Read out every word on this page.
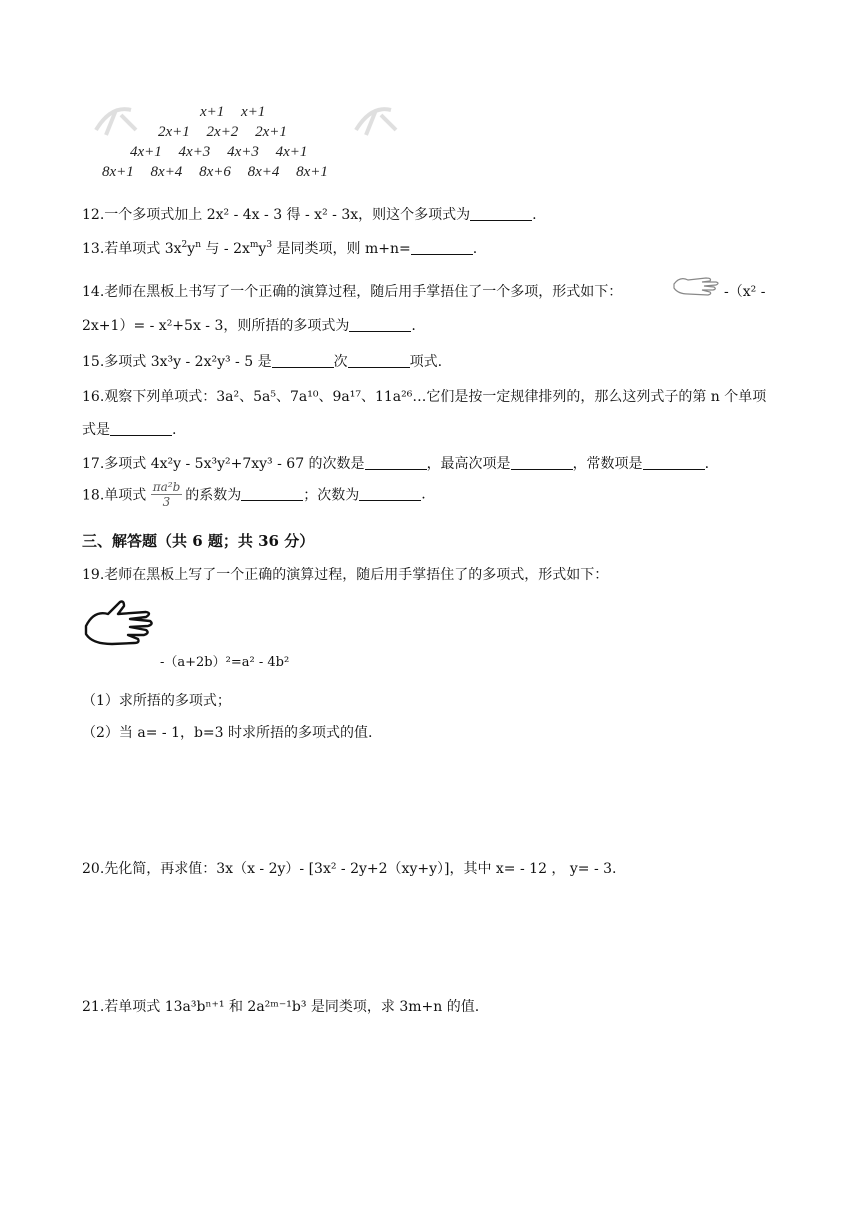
x+1 x+1
2x+1 2x+2 2x+1
4x+1 4x+3 4x+3 4x+1
8x+1 8x+4 8x+6 8x+4 8x+1
12.一个多项式加上 2x² - 4x - 3 得 - x² - 3x，则这个多项式为	.
13.若单项式 $3x^2y^n$ 与 - $2x^my^3$ 是同类项，则 m+n=	.
14.老师在黑板上书写了一个正确的演算过程，随后用手掌捂住了一个多项，形式如下：	-（x² -
2x+1）= - x²+5x - 3，则所捂的多项式为	.
15.多项式 3x³y - 2x²y³ - 5 是	次	项式.
16.观察下列单项式：3a²、5a⁵、7a¹⁰、9a¹⁷、11a²⁶…它们是按一定规律排列的，那么这列式子的第 n 个单项
式是	.
17.多项式 4x²y - 5x³y²+7xy³ - 67 的次数是	，最高次项是	，常数项是	.
18.单项式 $\frac{\text{πa²b}}{3}$ 的系数为	；次数为	.
三、解答题（共 6 题；共 36 分）
19.老师在黑板上写了一个正确的演算过程，随后用手掌捂住了的多项式，形式如下：
-（a+2b）²=a² - 4b²
（1）求所捂的多项式；
（2）当 a= - 1，b=3 时求所捂的多项式的值.
20.先化简，再求值：3x（x - 2y）- [3x² - 2y+2（xy+y）]，其中 x= - 12 ， y= - 3.
21.若单项式 13a³bⁿ⁺¹ 和 2a²ᵐ⁻¹b³ 是同类项，求 3m+n 的值.
